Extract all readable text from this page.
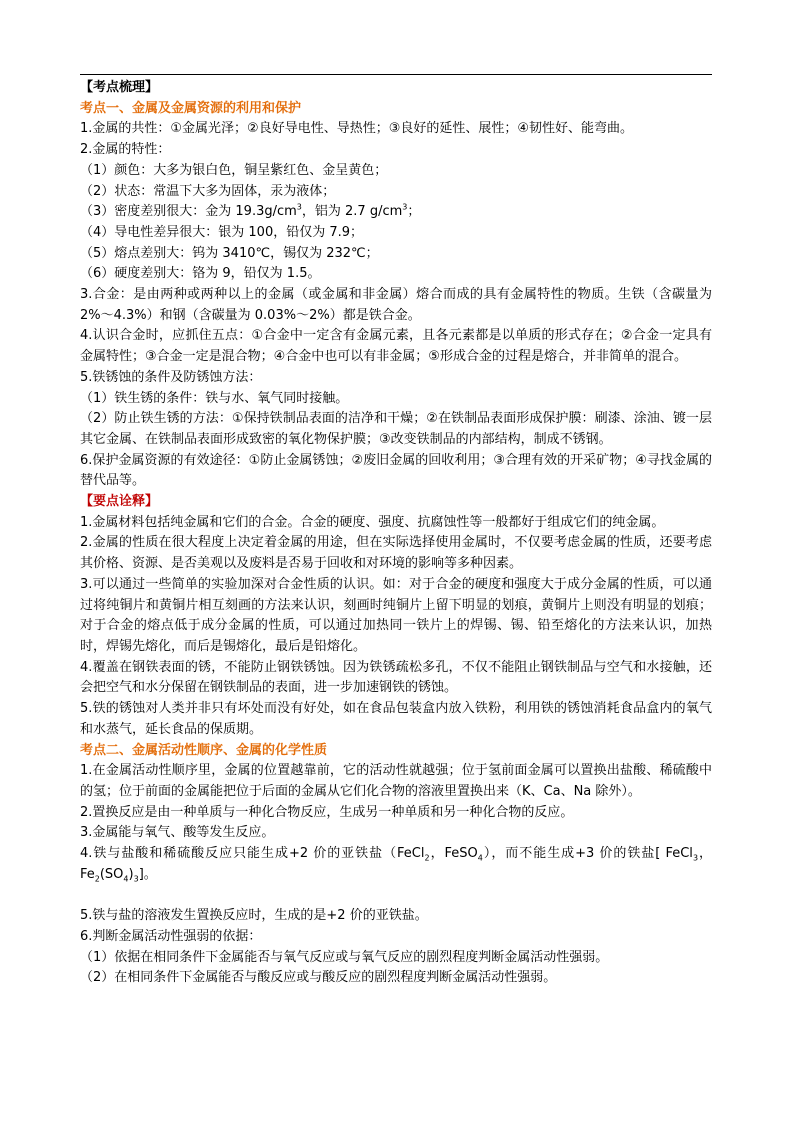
【考点梳理】

考点一、金属及金属资源的利用和保护

1.金属的共性：①金属光泽；②良好导电性、导热性；③良好的延性、展性；④韧性好、能弯曲。

2.金属的特性：

（1）颜色：大多为银白色，铜呈紫红色、金呈黄色；

（2）状态：常温下大多为固体，汞为液体；

（3）密度差别很大：金为 $19.3g/cm^3$，铝为 2.7 $g/cm^3$；

（4）导电性差异很大：银为 100，铅仅为 7.9；

（5）熔点差别大：钨为 3410℃，锡仅为 232℃；

（6）硬度差别大：铬为 9，铅仅为 1.5。

3.合金：是由两种或两种以上的金属（或金属和非金属）熔合而成的具有金属特性的物质。生铁（含碳量为 2%～4.3%）和钢（含碳量为 0.03%～2%）都是铁合金。

4.认识合金时，应抓住五点：①合金中一定含有金属元素，且各元素都是以单质的形式存在；②合金一定具有金属特性；③合金一定是混合物；④合金中也可以有非金属；⑤形成合金的过程是熔合，并非简单的混合。

5.铁锈蚀的条件及防锈蚀方法：

（1）铁生锈的条件：铁与水、氧气同时接触。

（2）防止铁生锈的方法：①保持铁制品表面的洁净和干燥；②在铁制品表面形成保护膜：刷漆、涂油、镀一层其它金属、在铁制品表面形成致密的氧化物保护膜；③改变铁制品的内部结构，制成不锈钢。

6.保护金属资源的有效途径：①防止金属锈蚀；②废旧金属的回收利用；③合理有效的开采矿物；④寻找金属的替代品等。

【要点诠释】

1.金属材料包括纯金属和它们的合金。合金的硬度、强度、抗腐蚀性等一般都好于组成它们的纯金属。

2.金属的性质在很大程度上决定着金属的用途，但在实际选择使用金属时，不仅要考虑金属的性质，还要考虑其价格、资源、是否美观以及废料是否易于回收和对环境的影响等多种因素。

3.可以通过一些简单的实验加深对合金性质的认识。如：对于合金的硬度和强度大于成分金属的性质，可以通过将纯铜片和黄铜片相互刻画的方法来认识，刻画时纯铜片上留下明显的划痕，黄铜片上则没有明显的划痕；对于合金的熔点低于成分金属的性质，可以通过加热同一铁片上的焊锡、锡、铅至熔化的方法来认识，加热时，焊锡先熔化，而后是锡熔化，最后是铅熔化。

4.覆盖在钢铁表面的锈，不能防止钢铁锈蚀。因为铁锈疏松多孔，不仅不能阻止钢铁制品与空气和水接触，还会把空气和水分保留在钢铁制品的表面，进一步加速钢铁的锈蚀。

5.铁的锈蚀对人类并非只有坏处而没有好处，如在食品包装盒内放入铁粉，利用铁的锈蚀消耗食品盒内的氧气和水蒸气，延长食品的保质期。

考点二、金属活动性顺序、金属的化学性质

1.在金属活动性顺序里，金属的位置越靠前，它的活动性就越强；位于氢前面金属可以置换出盐酸、稀硫酸中的氢；位于前面的金属能把位于后面的金属从它们化合物的溶液里置换出来（K、Ca、Na 除外）。

2.置换反应是由一种单质与一种化合物反应，生成另一种单质和另一种化合物的反应。

3.金属能与氧气、酸等发生反应。

4.铁与盐酸和稀硫酸反应只能生成+2 价的亚铁盐（FeCl$_2$，FeSO$_4$），而不能生成+3 价的铁盐[ FeCl$_3$，$Fe_2(SO_4)_3$]。

5.铁与盐的溶液发生置换反应时，生成的是+2 价的亚铁盐。

6.判断金属活动性强弱的依据：

（1）依据在相同条件下金属能否与氧气反应或与氧气反应的剧烈程度判断金属活动性强弱。

（2）在相同条件下金属能否与酸反应或与酸反应的剧烈程度判断金属活动性强弱。
